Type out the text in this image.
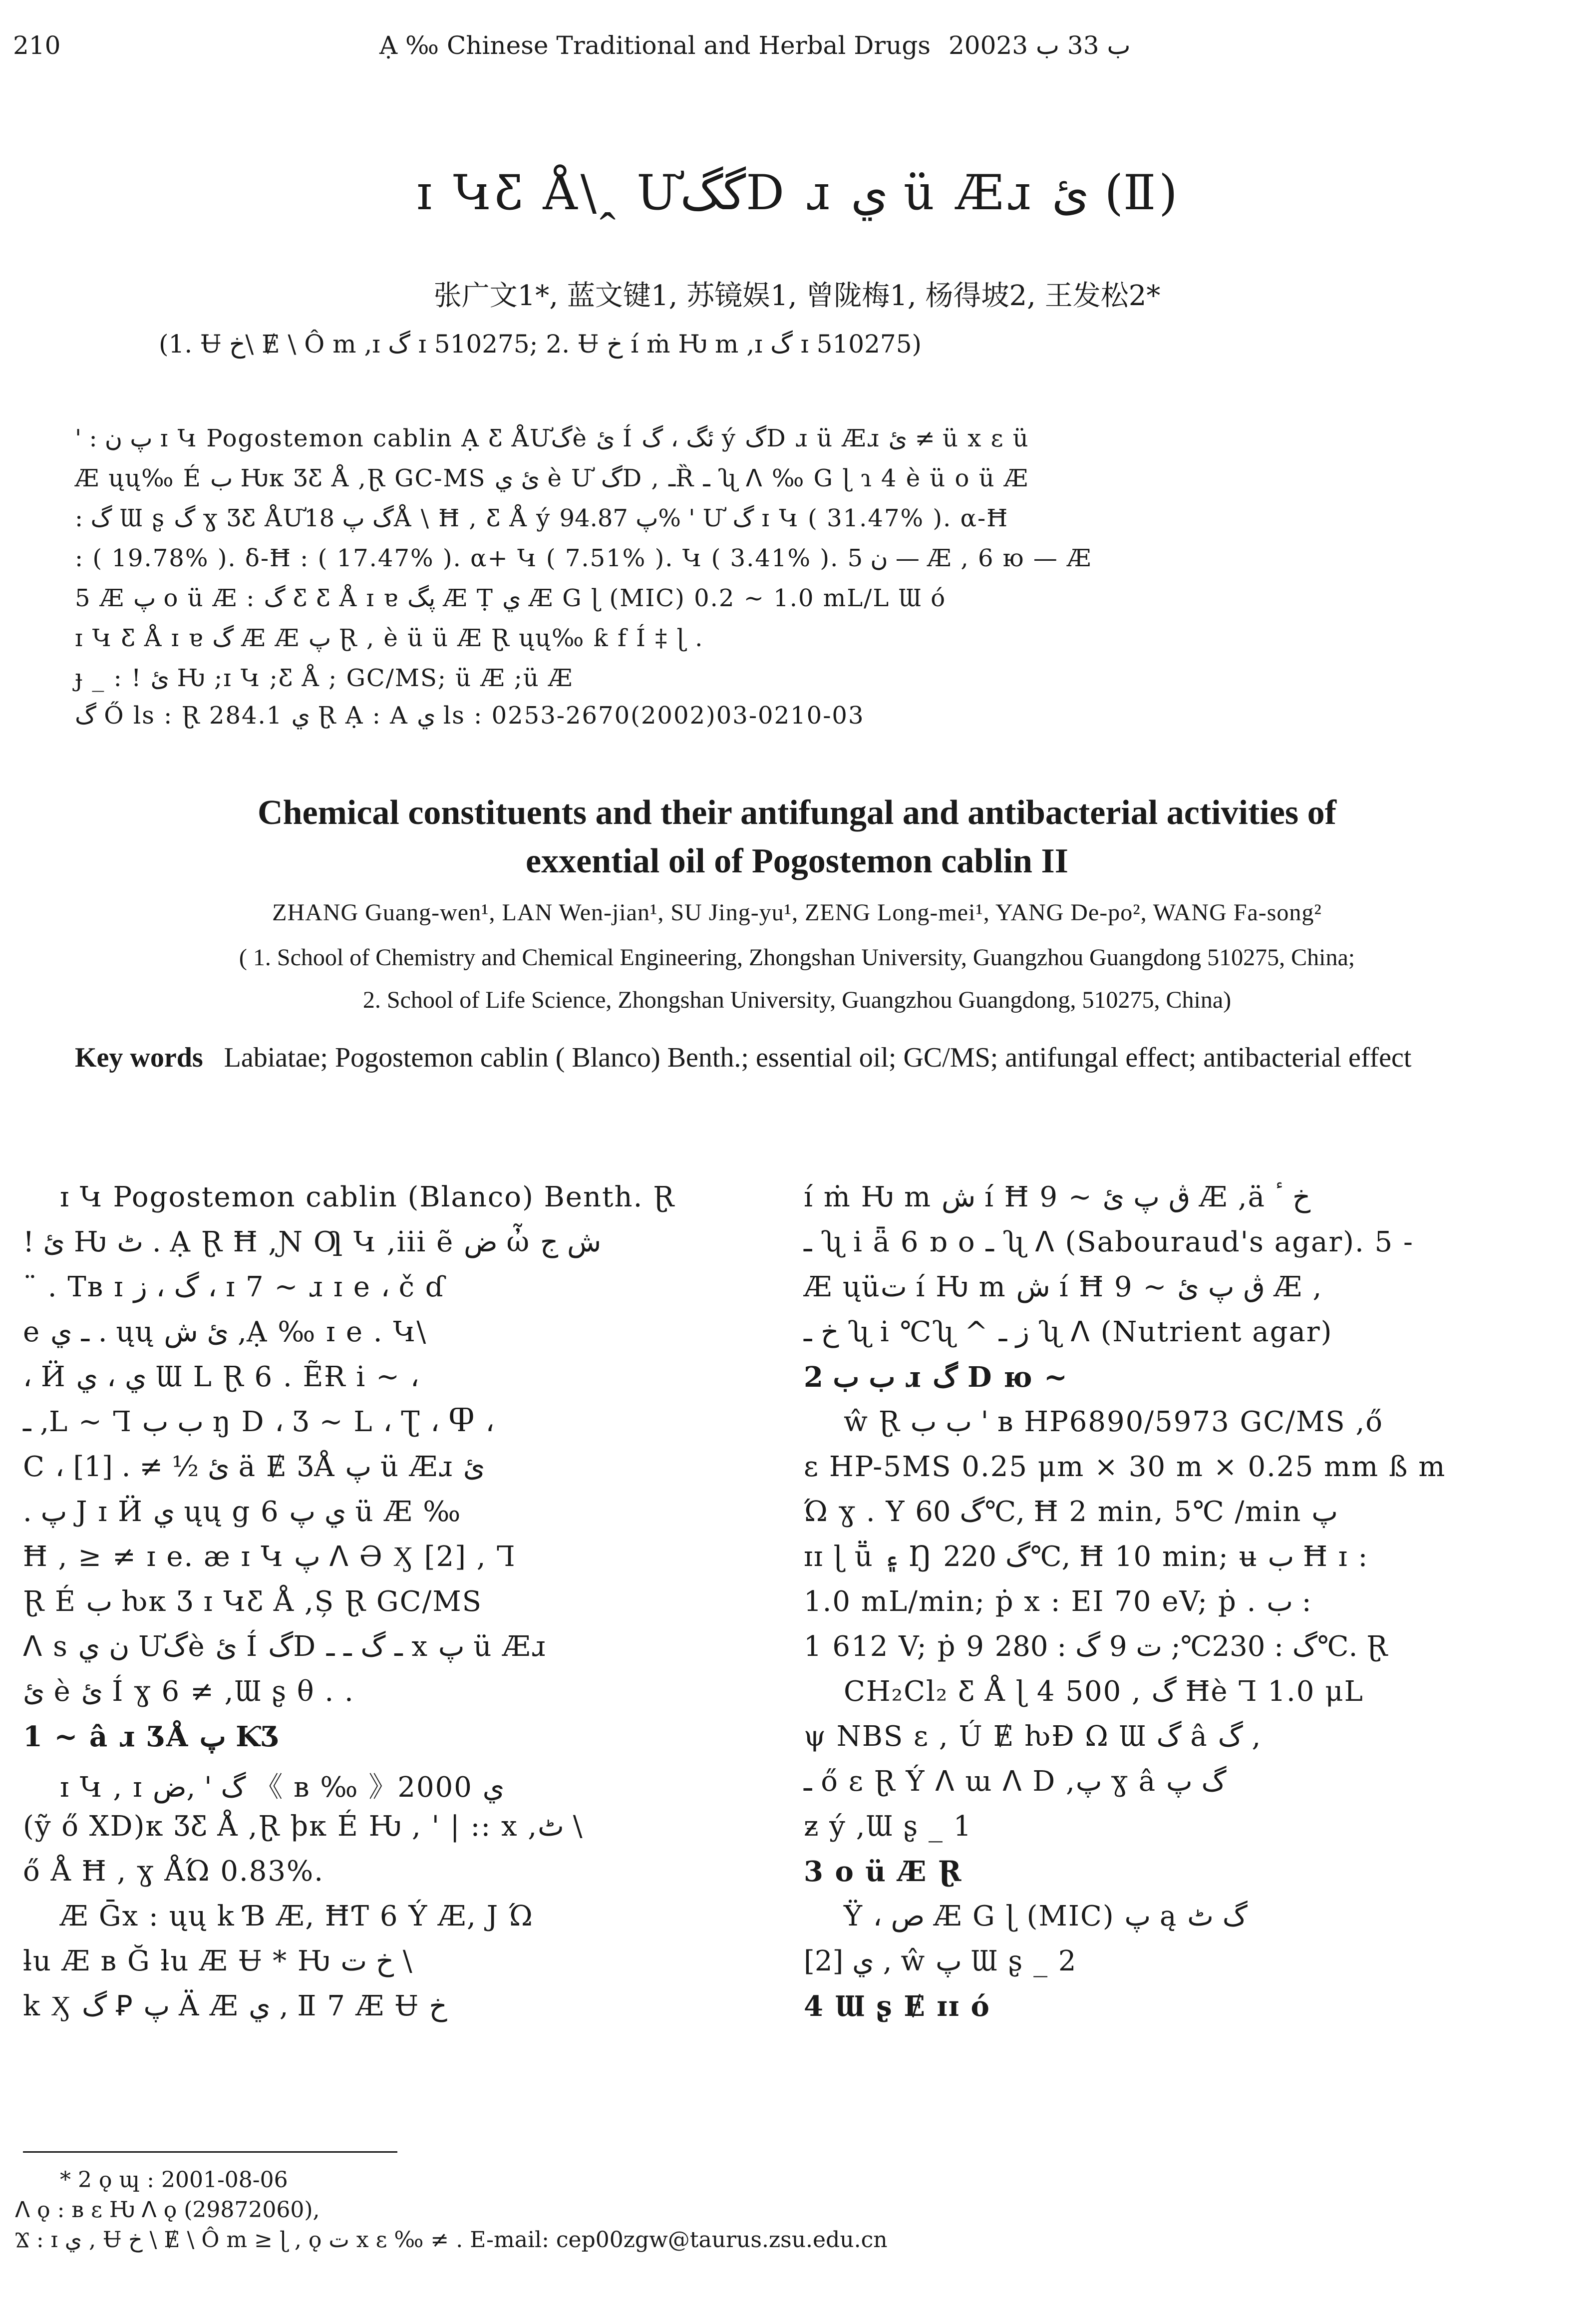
210	Ạ ‰ Chinese Traditional and Herbal Drugs 2002ب 33 ب 3
ɪ ԿƸ Å\ꞈ ƯگگD ɹ ي ü Æɹ ئ (Ⅱ)
张广文1*, 蓝文键1, 苏镜娱1, 曾陇梅1, 杨得坡2, 王发松2*
(1. Ʉ خ\ Ɇ \ Ô m ,ɪ گ ɪ 510275; 2. Ʉ خ í ṁ Ƕ m ,ɪ گ ɪ 510275)
' : پ ن ɪ Կ Pogostemon cablin Ạ Ƹ ÅƯگè ئ Í ئگ ، گ ý گD ɹ ü Æɹ ئ ≠ ü x ɛ ü
Æ ųų‰ É ب Ƕκ ƷƸ Å ,Ɽ GC-MS ئ ي è Ư گD , ـȐ ـ ʯ ᐱ ‰ G ɭ ɿ 4 è ü o ü Æ
: گ Ɯ ʂ گ ɣ ƷƸ ÅƯگ پ 18Å \ Ħ , Ƹ Å ý پ 94.87% ' Ư گ ɪ Կ ( 31.47% ). α-Ħ
: ( 19.78% ). δ-Ħ : ( 17.47% ). α+ Կ ( 7.51% ). Կ ( 3.41% ). ن 5 — Æ , 6 ю — Æ
5 Æ پ o ü Æ : گ Ƹ Ƹ Å ɪ ɐ پگ Æ Ṭ ي Æ G ɭ (MIC) 0.2 ~ 1.0 mL/L Ɯ ó
ɪ Կ Ƹ Å ɪ ɐ گ Æ Æ پ Ɽ , è ü ü Æ Ɽ ųų‰ ƙ f Í ‡ ɭ .
ɟ _ : ! ئ Ƕ ;ɪ Կ ;Ƹ Å ; GC/MS; ü Æ ;ü Æ
گ Ő ls : Ɽ 284.1 ي Ɽ Ạ : A ي ls : 0253-2670(2002)03-0210-03
Chemical constituents and their antifungal and antibacterial activities of
exxential oil of Pogostemon cablin II
ZHANG Guang-wen¹, LAN Wen-jian¹, SU Jing-yu¹, ZENG Long-mei¹, YANG De-po², WANG Fa-song²
( 1. School of Chemistry and Chemical Engineering, Zhongshan University, Guangzhou Guangdong 510275, China;
2. School of Life Science, Zhongshan University, Guangzhou Guangdong, 510275, China)
Key words Labiatae; Pogostemon cablin ( Blanco) Benth.; essential oil; GC/MS; antifungal effect; antibacterial effect
ɪ Կ Pogostemon cablin (Blanco) Benth. Ɽ
! ئ Ƕ ٹ . Ạ Ɽ Ħ ,Ɲ Ƣ Կ ,iii ẽ ض ὦ ش ج
¨ . Tʙ ɪ گ ، ز ، ɪ 7 ~ ɹ ɪ e ، č ɗ
e ـ ي . ųų ئ ش ,Ạ ‰ ɪ e . Կ\
، Ӥ ي ، ي Ɯ L Ɽ 6 . ẼɌ i ~ ،
ـ ,L ~ Ꞁ ب ب ŋ D ، Ʒ ~ L ، Ʈ ، Ⴔ ،
C ، [1] . ≠ ½ ئ ä Ɇ ƷÅ پ ü Æɹ ئ
. پ J ɪ Ӥ ي ųų g 6 ي پ ü Æ ‰
Ħ , ≥ ≠ ɪ e. æ ɪ Կ پ ᐱ Ә Ӽ [2] , Ꞁ
Ɽ É ب ƕκ Ʒ ɪ ԿƸ Å ,Ș Ɽ GC/MS
ᐱ s ن ي Ưگè ئ Í گD ـ گ ـ ـ x پ ü Æɹ
ئ è ئ Í ɣ 6 ≠ ,Ɯ ʂ θ . .
1 ~ â ɹ ƷÅ پ ƘƷ
ɪ Կ , ɪ گ ' ,ض 《 ʙ ‰ 》2000 ي
(ỹ ő XD)κ ƷƸ Å ,Ɽ ϸκ É Ƕ , ' | :: x ,ٹ \
ő Å Ħ , ɣ ÅΏ 0.83%.
Æ Ḡx : ųų k Ɓ Æ, ĦƬ 6 Ý Æ, J Ώ
ƚu Æ ʙ Ğ ƚu Æ Ʉ * Ƕ خ ت \
k Ӽ گ Ꝑ پ Ä Æ ي , Ⅱ 7 Æ Ʉ خ
í ṁ Ƕ m ش í Ħ 9 ~ ڨ پ ئ Æ ,ä خ ٴ
ـ ʯ i ǟ 6 ɒ o ـ ʯ ᐱ (Sabouraud's agar). 5 ‐
Æ ųüت í Ƕ m ش í Ħ 9 ~ ڨ پ ئ Æ ,
خ ـ ʯ i ℃ʯ ^ ز ـ ʯ ᐱ (Nutrient agar)
2 ب ب ɹ گ D ю ~
ŵ Ɽ ب ب ' ʙ HP6890/5973 GC/MS ,ő
ɛ HP-5MS 0.25 μm × 30 m × 0.25 mm ß m
Ώ ɣ . Y گ 60℃, Ħ 2 min, 5℃ /min پ
ɪɪ ɭ ṻ ۽ Ŋ گ 220℃, Ħ 10 min; ʉ ب Ħ ɪ :
1.0 mL/min; ṗ x : EI 70 eV; ṗ . ب :
1 612 V; ṗ 9 گ : 230℃; ت 9 گ : 280℃. Ɽ
CH₂Cl₂ Ƹ Å ɭ 4 500 , گ Ħè Ꞁ 1.0 μL
ψ NBS ɛ , Ú Ɇ ƕĐ Ω Ɯ گ â گ ,
ـ ő ɛ Ɽ Ý ᐱ ɯ ᐱ D ,پ ɣ â گ پ
ƶ ý ,Ɯ ʂ _ 1
3 o ü Æ Ɽ
Ÿ ، ص Æ G ɭ (MIC) پ ą گ ٹ
ي [2] , ŵ پ Ɯ ʂ _ 2
4 Ɯ ʂ Ɇ ɪɪ ó
* 2 ǫ ɰ : 2001-08-06
ᐱ ǫ : ʙ ɛ Ƕ ᐱ ǫ (29872060),
Ϫ : ɪ ي , Ʉ خ \ Ɇ \ Ô m ≥ ɭ , ǫ ت x ɛ ‰ ≠ . E-mail: cep00zgw@taurus.zsu.edu.cn
